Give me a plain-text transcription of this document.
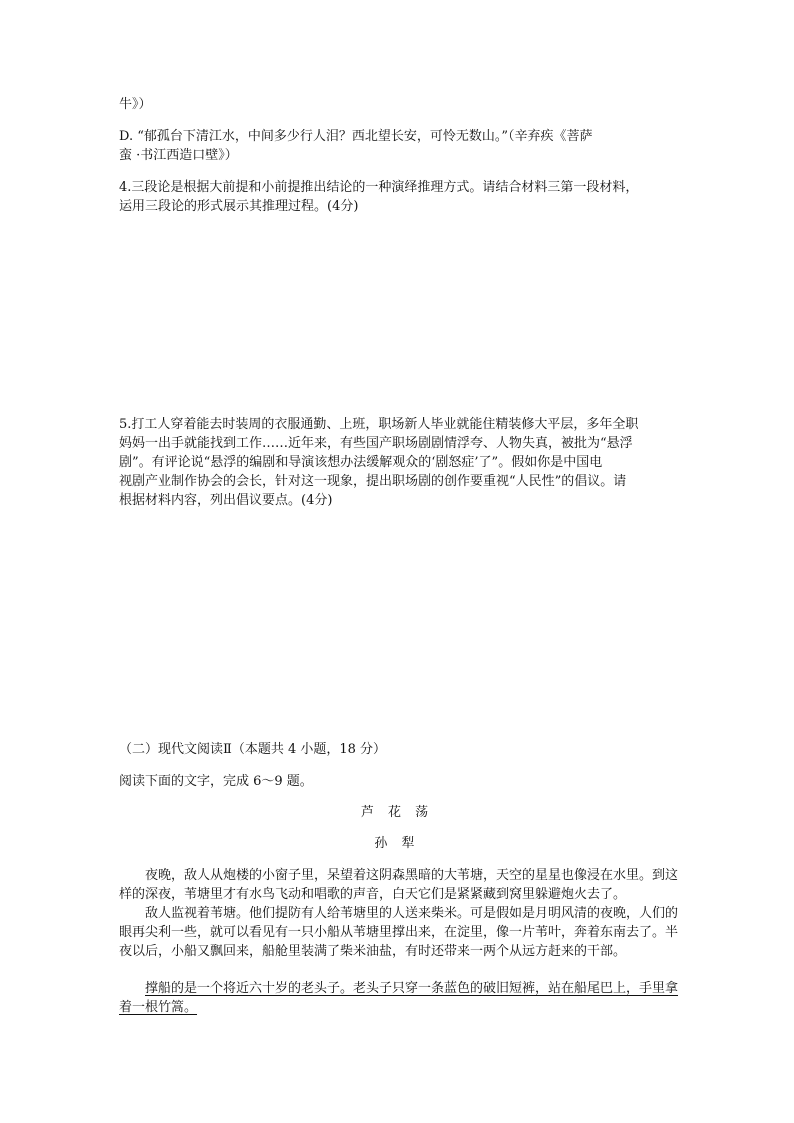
牛》）
D. “郁孤台下清江水，中间多少行人泪？西北望长安，可怜无数山。”（辛弃疾《菩萨
蛮 ·书江西造口壁》）
4.三段论是根据大前提和小前提推出结论的一种演绎推理方式。请结合材料三第一段材料，
运用三段论的形式展示其推理过程。(4分)
5.打工人穿着能去时装周的衣服通勤、上班，职场新人毕业就能住精装修大平层，多年全职
妈妈一出手就能找到工作……近年来，有些国产职场剧剧情浮夸、人物失真，被批为“悬浮
剧”。有评论说“悬浮的编剧和导演该想办法缓解观众的‘剧怒症’了”。假如你是中国电
视剧产业制作协会的会长，针对这一现象，提出职场剧的创作要重视“人民性”的倡议。请
根据材料内容，列出倡议要点。(4分)
（二）现代文阅读Ⅱ（本题共 4 小题，18 分）
阅读下面的文字，完成 6～9 题。
芦 花 荡
孙 犁
夜晚，敌人从炮楼的小窗子里，呆望着这阴森黑暗的大苇塘，天空的星星也像浸在水里。到这样的深夜，苇塘里才有水鸟飞动和唱歌的声音，白天它们是紧紧藏到窝里躲避炮火去了。
敌人监视着苇塘。他们提防有人给苇塘里的人送来柴米。可是假如是月明风清的夜晚，人们的眼再尖利一些，就可以看见有一只小船从苇塘里撑出来，在淀里，像一片苇叶，奔着东南去了。半夜以后，小船又飘回来，船舱里装满了柴米油盐，有时还带来一两个从远方赶来的干部。
撑船的是一个将近六十岁的老头子。老头子只穿一条蓝色的破旧短裤，站在船尾巴上，手里拿着一根竹篙。
